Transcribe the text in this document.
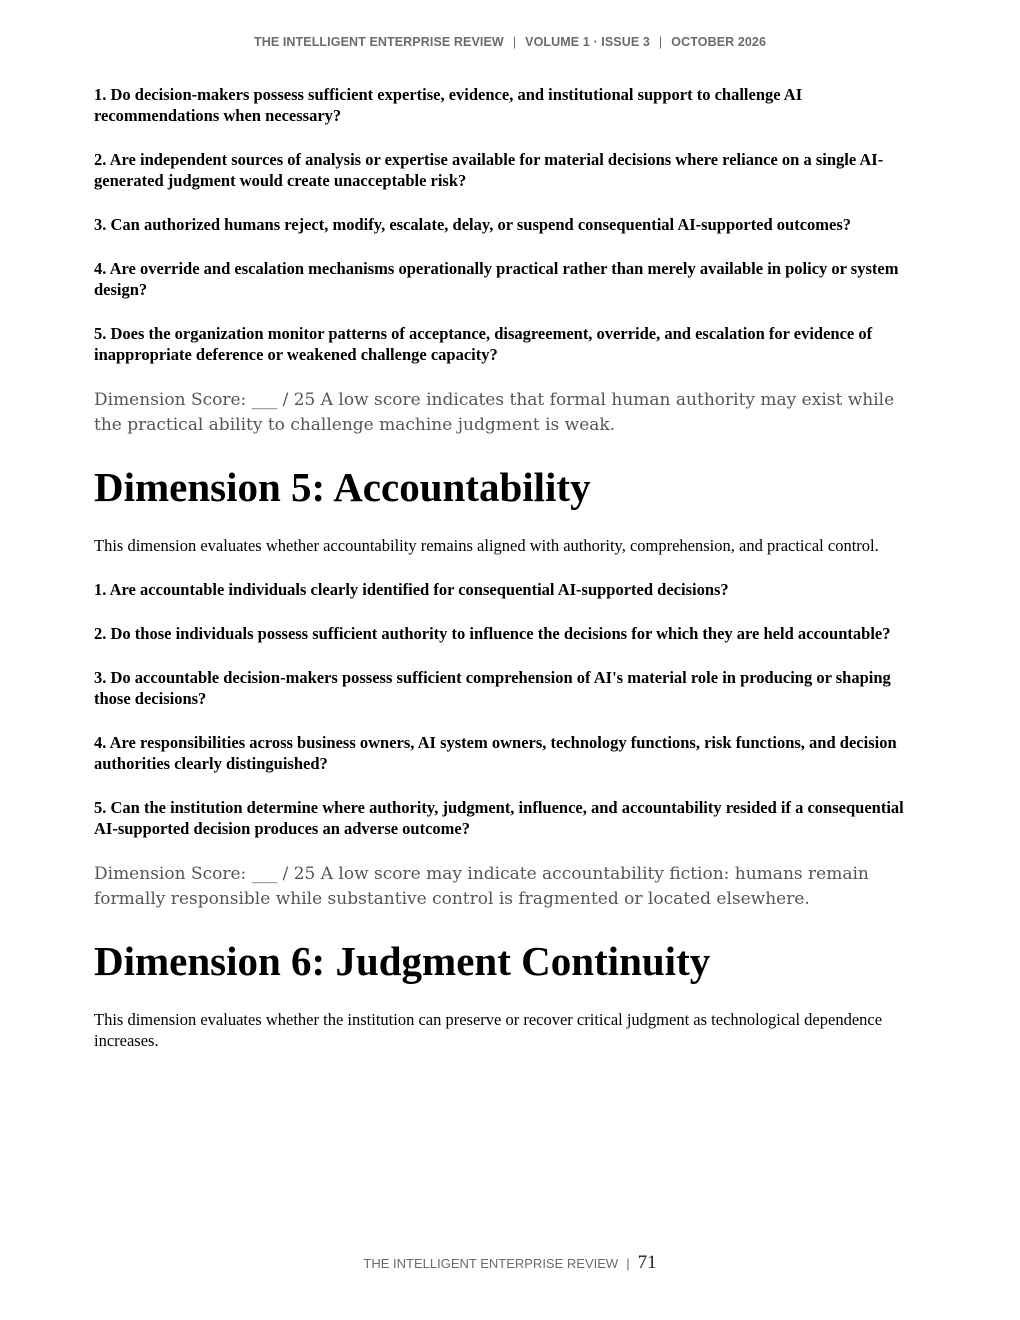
THE INTELLIGENT ENTERPRISE REVIEW | VOLUME 1 · ISSUE 3 | OCTOBER 2026

1. Do decision-makers possess sufficient expertise, evidence, and institutional support to challenge AI recommendations when necessary?

2. Are independent sources of analysis or expertise available for material decisions where reliance on a single AI-generated judgment would create unacceptable risk?

3. Can authorized humans reject, modify, escalate, delay, or suspend consequential AI-supported outcomes?

4. Are override and escalation mechanisms operationally practical rather than merely available in policy or system design?

5. Does the organization monitor patterns of acceptance, disagreement, override, and escalation for evidence of inappropriate deference or weakened challenge capacity?

Dimension Score: ___ / 25 A low score indicates that formal human authority may exist while the practical ability to challenge machine judgment is weak.

Dimension 5: Accountability

This dimension evaluates whether accountability remains aligned with authority, comprehension, and practical control.

1. Are accountable individuals clearly identified for consequential AI-supported decisions?

2. Do those individuals possess sufficient authority to influence the decisions for which they are held accountable?

3. Do accountable decision-makers possess sufficient comprehension of AI's material role in producing or shaping those decisions?

4. Are responsibilities across business owners, AI system owners, technology functions, risk functions, and decision authorities clearly distinguished?

5. Can the institution determine where authority, judgment, influence, and accountability resided if a consequential AI-supported decision produces an adverse outcome?

Dimension Score: ___ / 25 A low score may indicate accountability fiction: humans remain formally responsible while substantive control is fragmented or located elsewhere.

Dimension 6: Judgment Continuity

This dimension evaluates whether the institution can preserve or recover critical judgment as technological dependence increases.

THE INTELLIGENT ENTERPRISE REVIEW | 71
